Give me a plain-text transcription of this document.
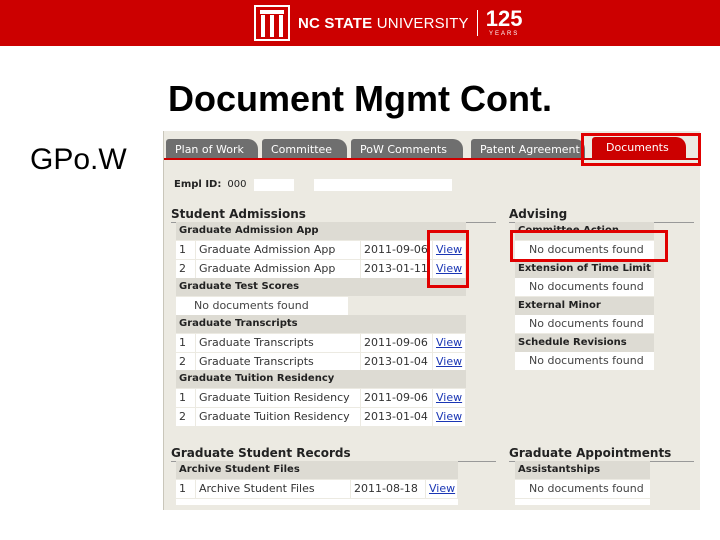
NC STATE UNIVERSITY 125
YEARS
Document Mgmt Cont.
GPo.W	Plan of Work	Committee	PoW Comments	Patent Agreement	Documents
Empl ID: 000
Student Admissions
Graduate Admission App
1	Graduate Admission App	2011-09-06 View
2	Graduate Admission App	2013-01-11 View
Graduate Test Scores
No documents found
Graduate Transcripts
1	Graduate Transcripts	2011-09-06 View
2	Graduate Transcripts	2013-01-04 View
Graduate Tuition Residency
1	Graduate Tuition Residency	2011-09-06 View
2	Graduate Tuition Residency	2013-01-04 View
Advising
Committee Action
No documents found
Extension of Time Limit
No documents found
External Minor
No documents found
Schedule Revisions
No documents found
Graduate Student Records
Archive Student Files
1	Archive Student Files	2011-08-18	View
Graduate Appointments
Assistantships
No documents found
